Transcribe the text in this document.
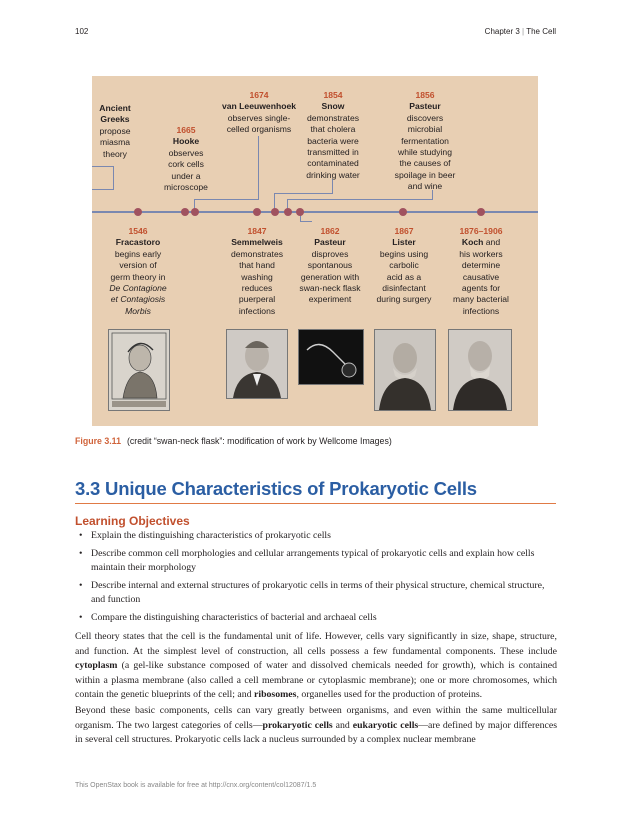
102	Chapter 3 | The Cell
Ancient Greeks
propose
miasma
theory
1665
Hooke
observes
cork cells
under a
microscope
1674
van Leeuwenhoek
observes single-
celled organisms
1854
Snow
demonstrates
that cholera
bacteria were
transmitted in
contaminated
drinking water
1856
Pasteur
discovers
microbial
fermentation
while studying
the causes of
spoilage in beer
and wine
1546
Fracastoro
begins early
version of
germ theory in
De Contagione
et Contagiosis
Morbis
1847
Semmelweis
demonstrates
that hand
washing
reduces
puerperal
infections
1862
Pasteur
disproves
spontanous
generation with
swan-neck flask
experiment
1867
Lister
begins using
carbolic
acid as a
disinfectant
during surgery
1876–1906
Koch and
his workers
determine
causative
agents for
many bacterial
infections
Figure 3.11 (credit “swan-neck flask”: modification of work by Wellcome Images)
3.3 Unique Characteristics of Prokaryotic Cells
Learning Objectives
• Explain the distinguishing characteristics of prokaryotic cells
• Describe common cell morphologies and cellular arrangements typical of prokaryotic cells and explain how cells maintain their morphology
• Describe internal and external structures of prokaryotic cells in terms of their physical structure, chemical structure, and function
• Compare the distinguishing characteristics of bacterial and archaeal cells

Cell theory states that the cell is the fundamental unit of life. However, cells vary significantly in size, shape, structure, and function. At the simplest level of construction, all cells possess a few fundamental components. These include cytoplasm (a gel-like substance composed of water and dissolved chemicals needed for growth), which is contained within a plasma membrane (also called a cell membrane or cytoplasmic membrane); one or more chromosomes, which contain the genetic blueprints of the cell; and ribosomes, organelles used for the production of proteins.

Beyond these basic components, cells can vary greatly between organisms, and even within the same multicellular organism. The two largest categories of cells—prokaryotic cells and eukaryotic cells—are defined by major differences in several cell structures. Prokaryotic cells lack a nucleus surrounded by a complex nuclear membrane

This OpenStax book is available for free at http://cnx.org/content/col12087/1.5
